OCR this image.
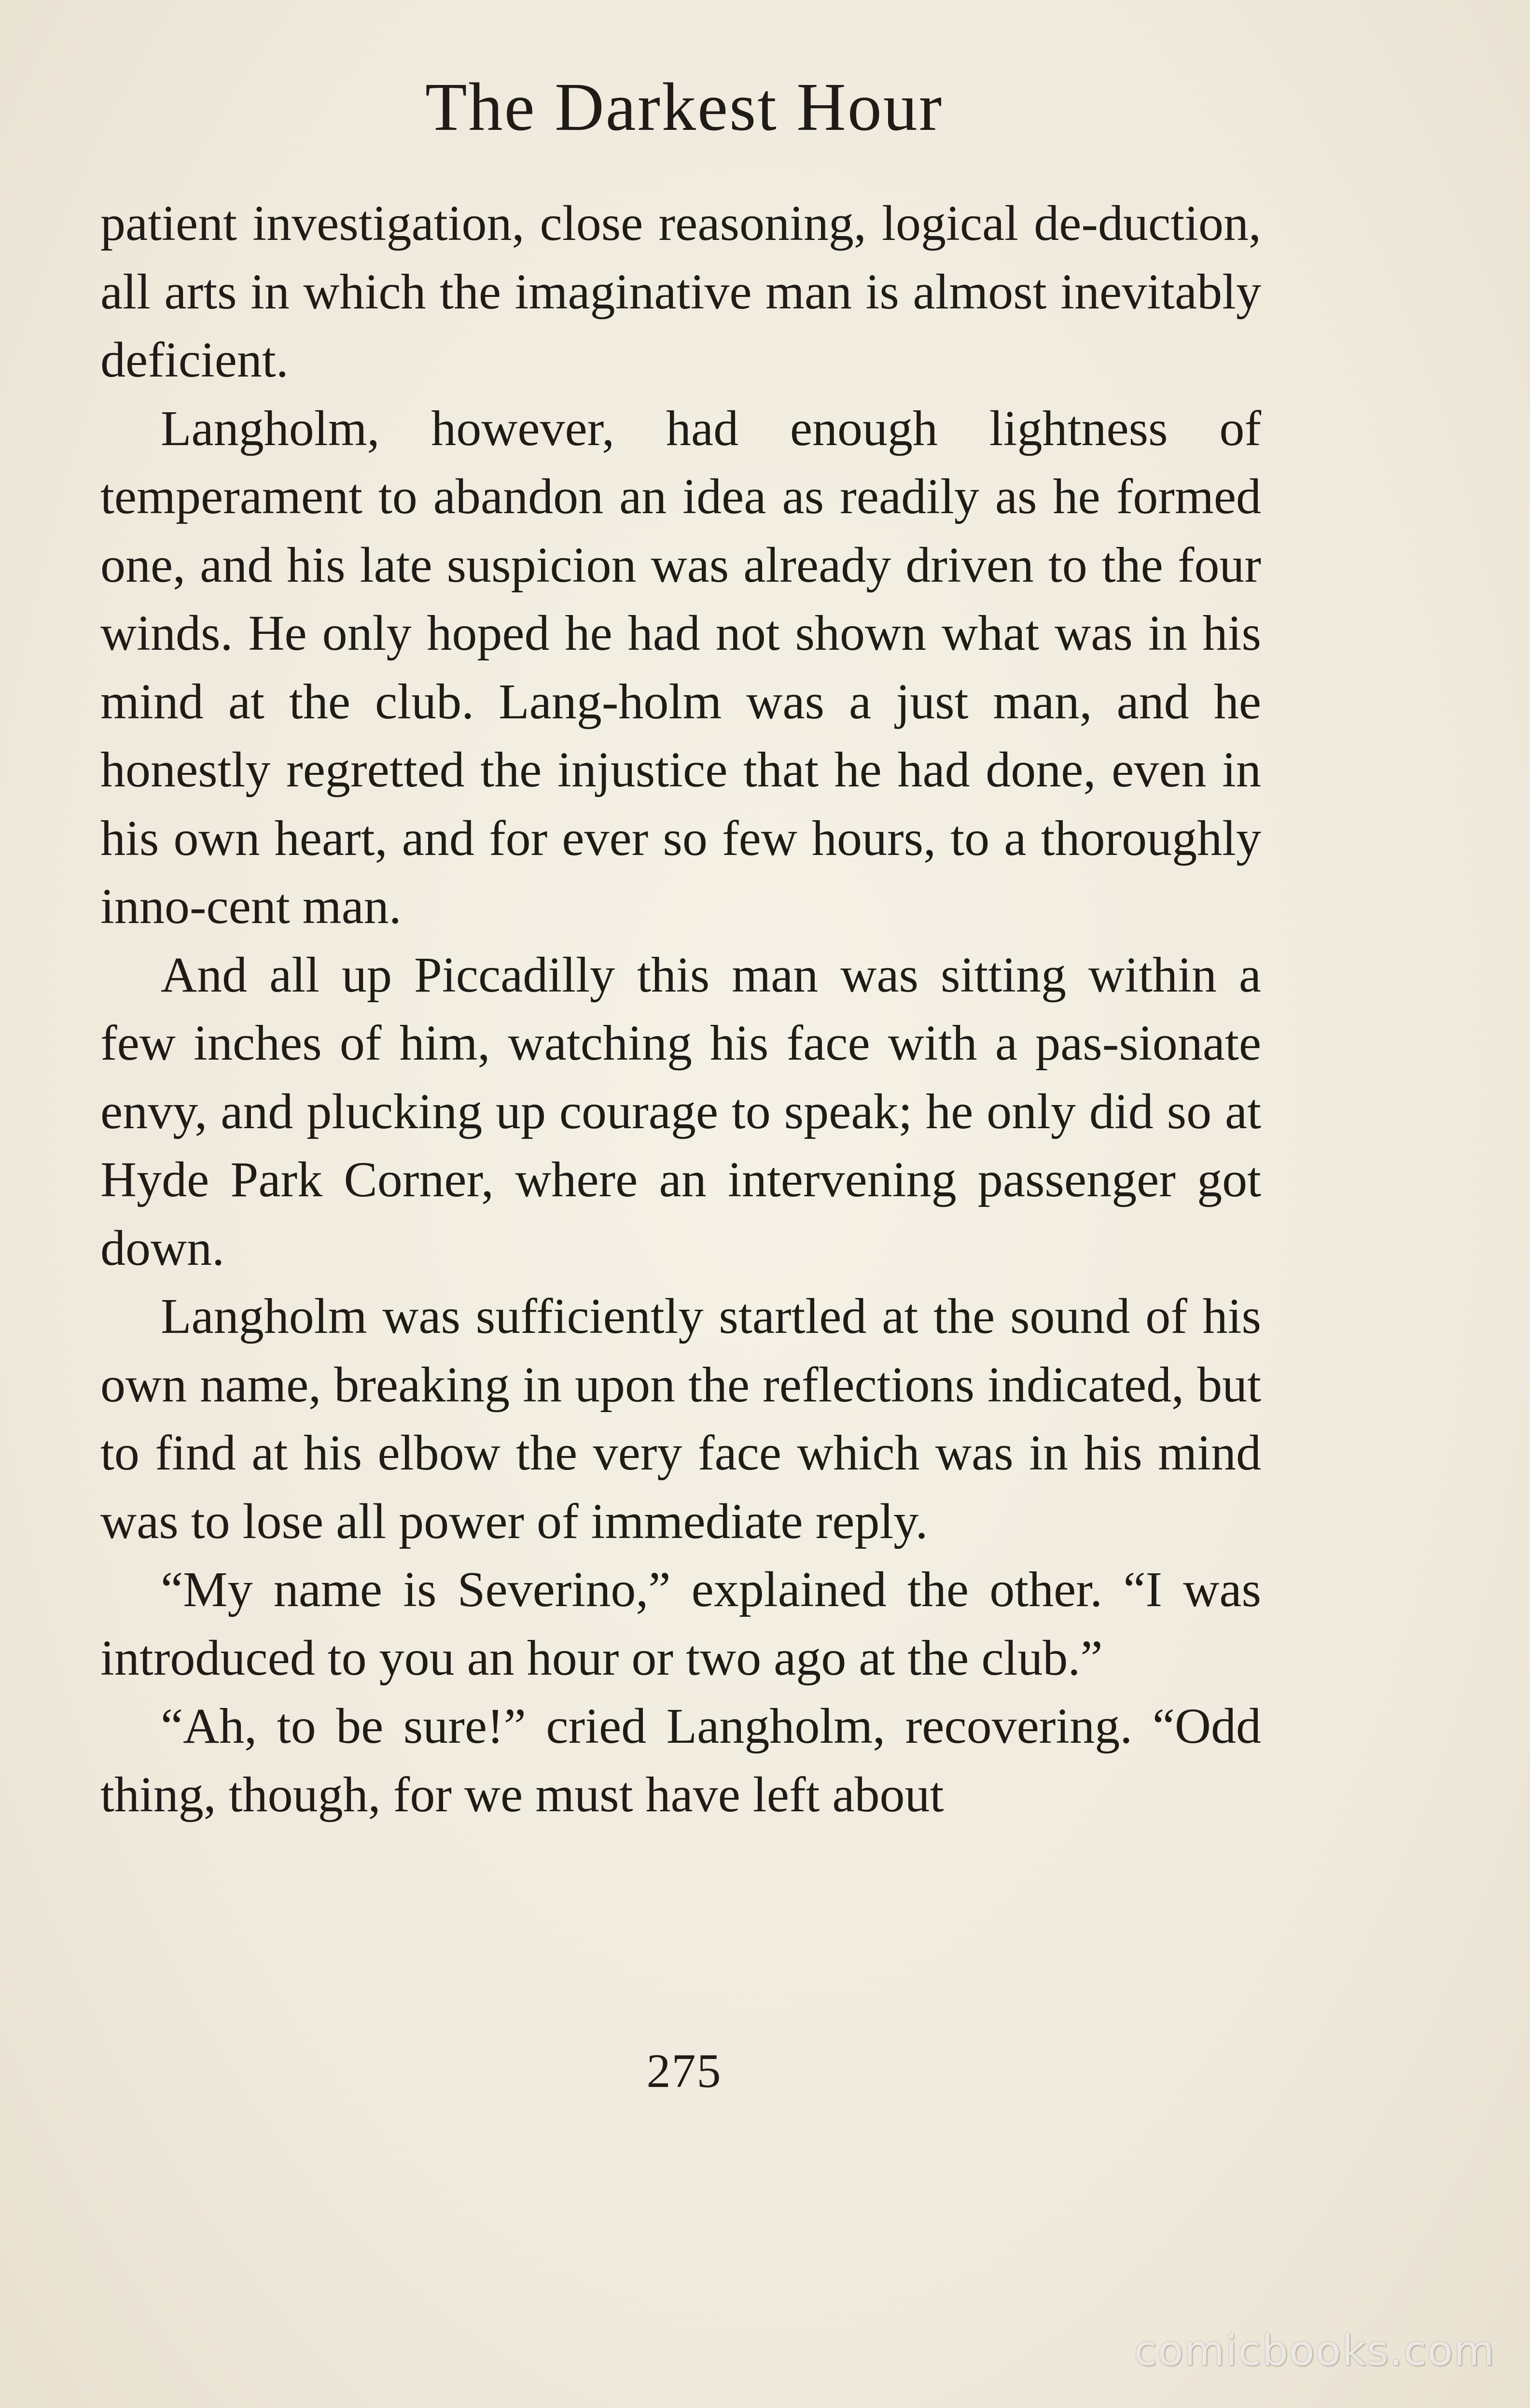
The Darkest Hour

patient investigation, close reasoning, logical de-duction, all arts in which the imaginative man is almost inevitably deficient.

Langholm, however, had enough lightness of temperament to abandon an idea as readily as he formed one, and his late suspicion was already driven to the four winds. He only hoped he had not shown what was in his mind at the club. Lang-holm was a just man, and he honestly regretted the injustice that he had done, even in his own heart, and for ever so few hours, to a thoroughly inno-cent man.

And all up Piccadilly this man was sitting within a few inches of him, watching his face with a pas-sionate envy, and plucking up courage to speak; he only did so at Hyde Park Corner, where an intervening passenger got down.

Langholm was sufficiently startled at the sound of his own name, breaking in upon the reflections indicated, but to find at his elbow the very face which was in his mind was to lose all power of immediate reply.

“My name is Severino,” explained the other. “I was introduced to you an hour or two ago at the club.”

“Ah, to be sure!” cried Langholm, recovering. “Odd thing, though, for we must have left about

275
comicbooks.com
